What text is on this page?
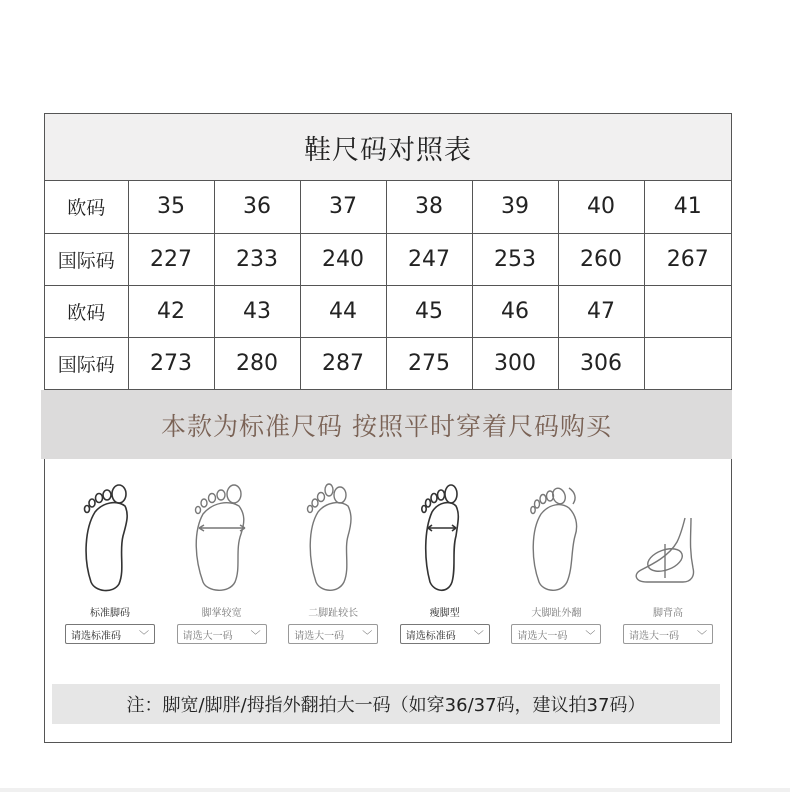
鞋尺码对照表
欧码	35	36	37	38	39	40	41
国际码	227	233	240	247	253	260	267
欧码	42	43	44	45	46	47	
国际码	273	280	287	275	300	306	
本款为标准尺码 按照平时穿着尺码购买
标准脚码
请选标准码 ﹀
脚掌较宽
请选大一码 ﹀
二脚趾较长
请选大一码 ﹀
瘦脚型
请选标准码 ﹀
大脚趾外翻
请选大一码 ﹀
脚背高
请选大一码 ﹀
注：脚宽/脚胖/拇指外翻拍大一码（如穿36/37码，建议拍37码）
